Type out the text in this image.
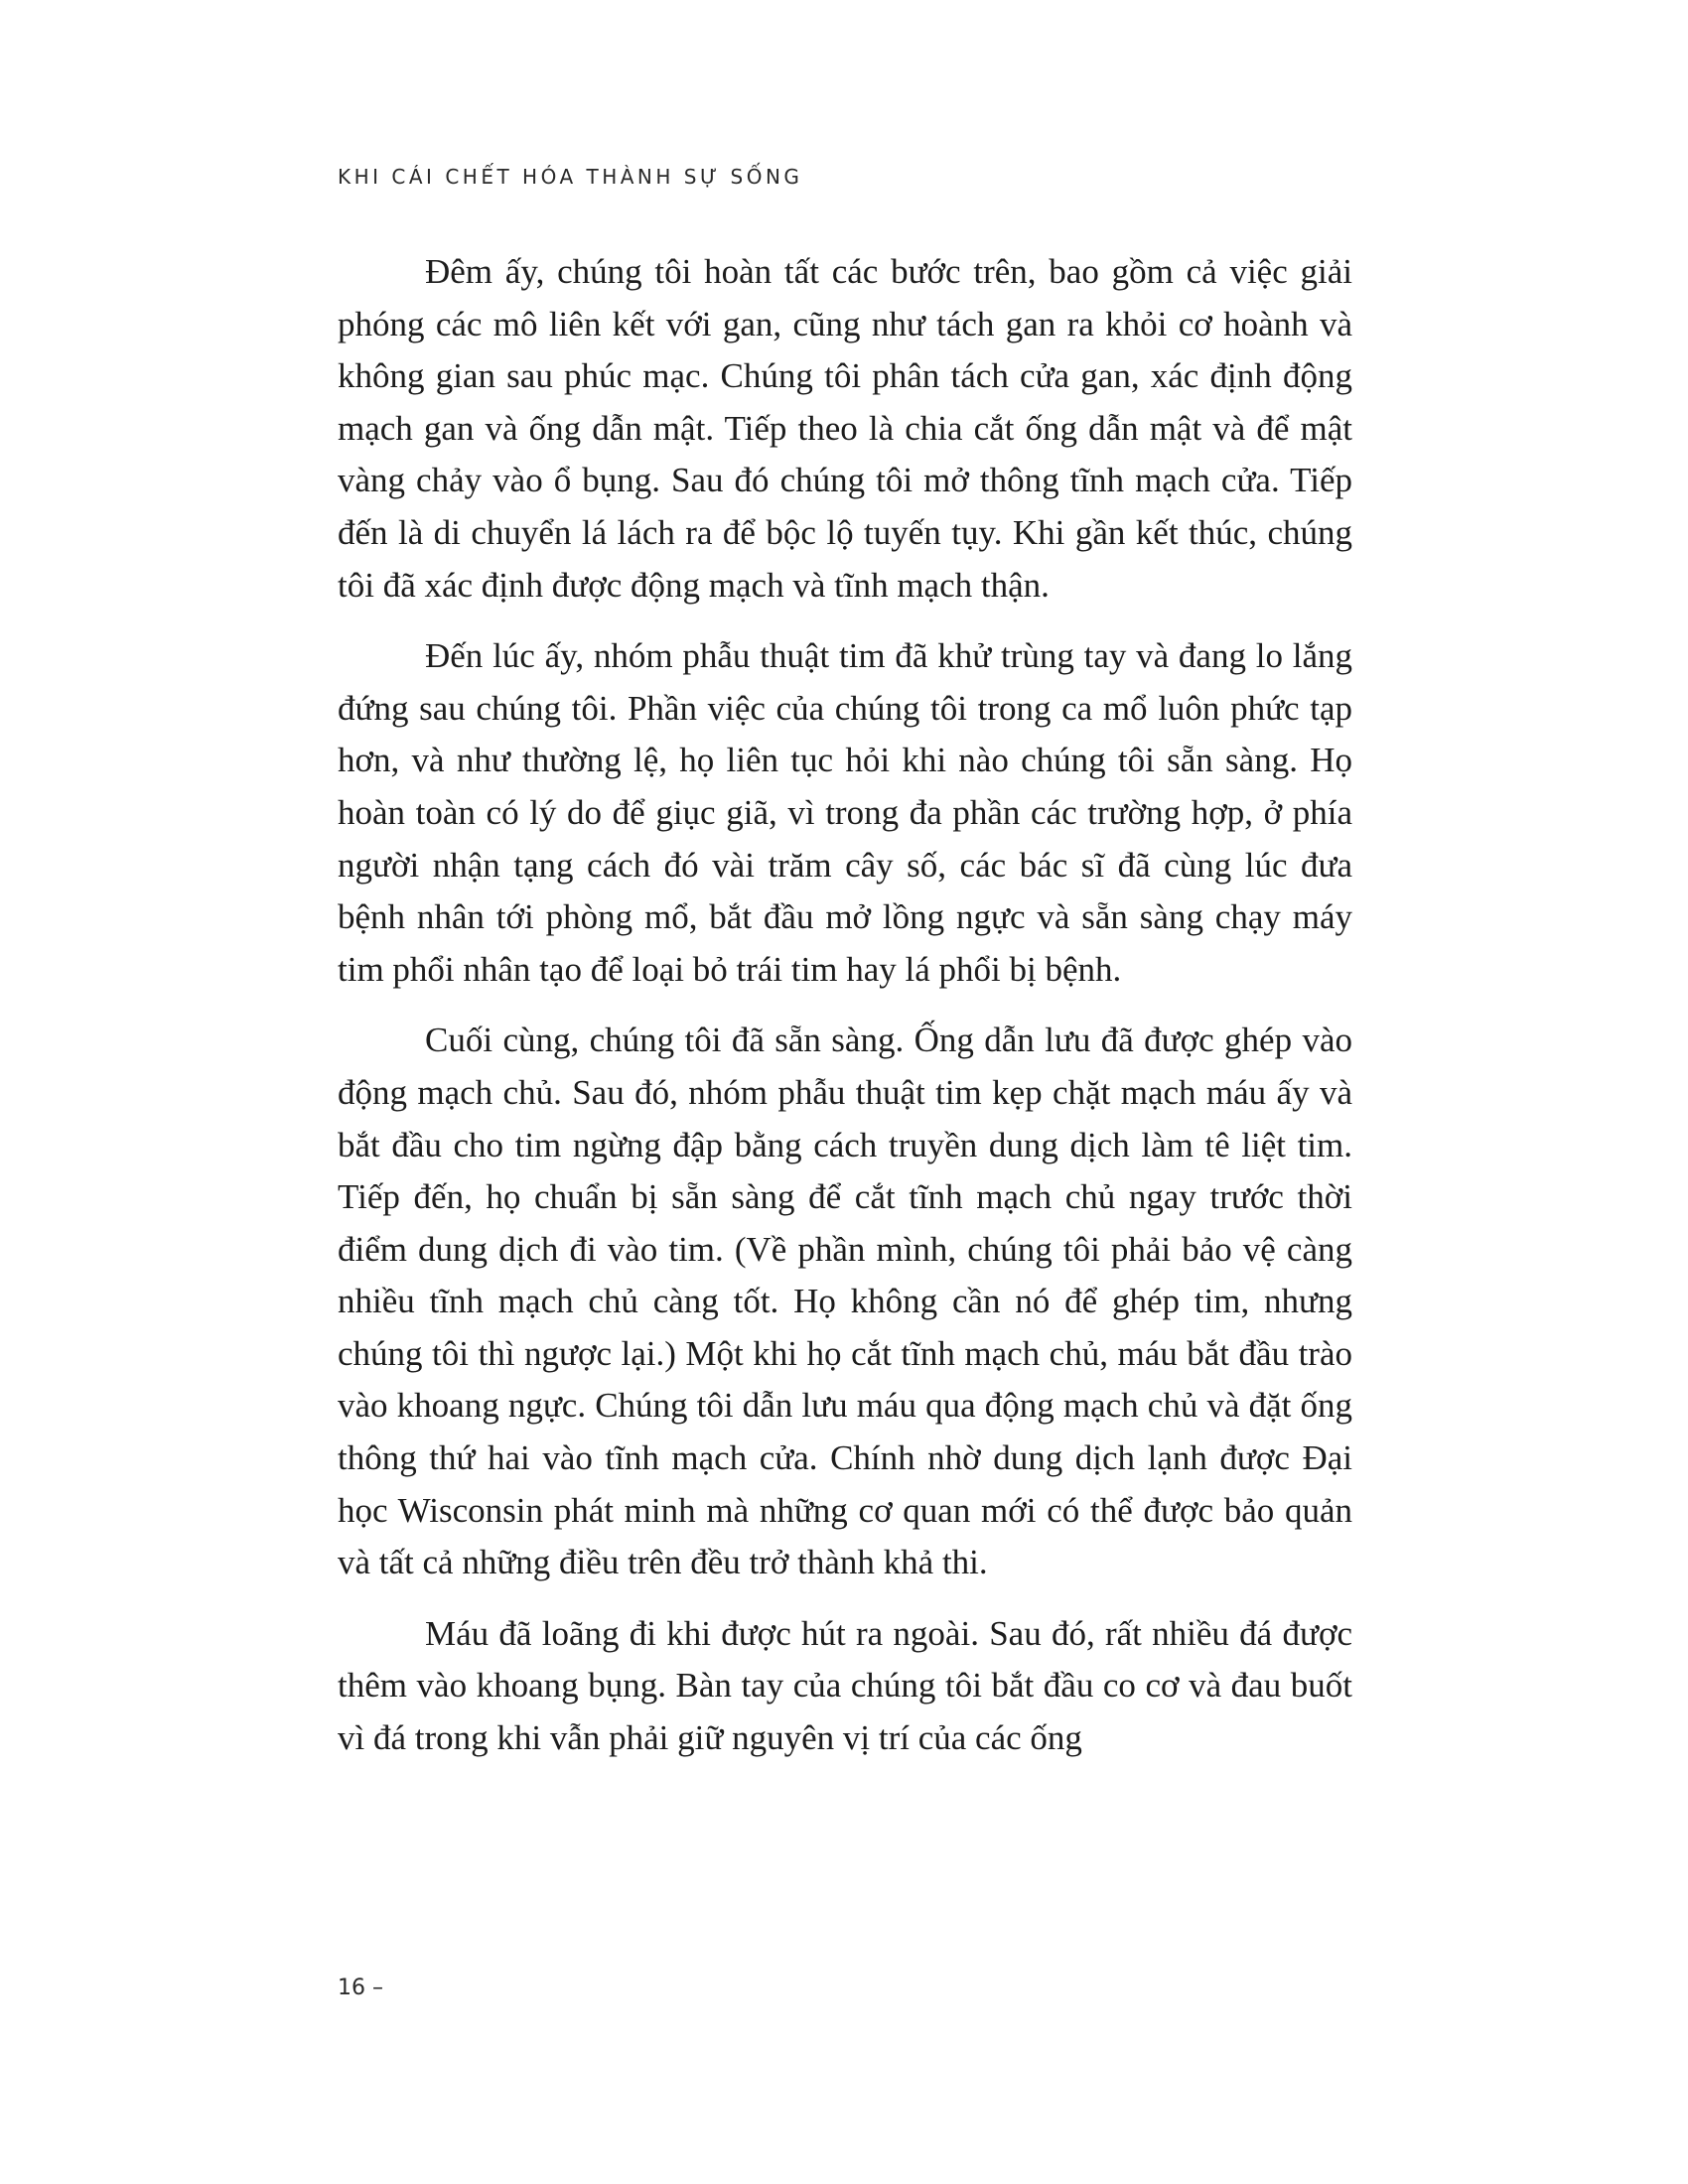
KHI CÁI CHẾT HÓA THÀNH SỰ SỐNG

Đêm ấy, chúng tôi hoàn tất các bước trên, bao gồm cả việc giải phóng các mô liên kết với gan, cũng như tách gan ra khỏi cơ hoành và không gian sau phúc mạc. Chúng tôi phân tách cửa gan, xác định động mạch gan và ống dẫn mật. Tiếp theo là chia cắt ống dẫn mật và để mật vàng chảy vào ổ bụng. Sau đó chúng tôi mở thông tĩnh mạch cửa. Tiếp đến là di chuyển lá lách ra để bộc lộ tuyến tụy. Khi gần kết thúc, chúng tôi đã xác định được động mạch và tĩnh mạch thận.

Đến lúc ấy, nhóm phẫu thuật tim đã khử trùng tay và đang lo lắng đứng sau chúng tôi. Phần việc của chúng tôi trong ca mổ luôn phức tạp hơn, và như thường lệ, họ liên tục hỏi khi nào chúng tôi sẵn sàng. Họ hoàn toàn có lý do để giục giã, vì trong đa phần các trường hợp, ở phía người nhận tạng cách đó vài trăm cây số, các bác sĩ đã cùng lúc đưa bệnh nhân tới phòng mổ, bắt đầu mở lồng ngực và sẵn sàng chạy máy tim phổi nhân tạo để loại bỏ trái tim hay lá phổi bị bệnh.

Cuối cùng, chúng tôi đã sẵn sàng. Ống dẫn lưu đã được ghép vào động mạch chủ. Sau đó, nhóm phẫu thuật tim kẹp chặt mạch máu ấy và bắt đầu cho tim ngừng đập bằng cách truyền dung dịch làm tê liệt tim. Tiếp đến, họ chuẩn bị sẵn sàng để cắt tĩnh mạch chủ ngay trước thời điểm dung dịch đi vào tim. (Về phần mình, chúng tôi phải bảo vệ càng nhiều tĩnh mạch chủ càng tốt. Họ không cần nó để ghép tim, nhưng chúng tôi thì ngược lại.) Một khi họ cắt tĩnh mạch chủ, máu bắt đầu trào vào khoang ngực. Chúng tôi dẫn lưu máu qua động mạch chủ và đặt ống thông thứ hai vào tĩnh mạch cửa. Chính nhờ dung dịch lạnh được Đại học Wisconsin phát minh mà những cơ quan mới có thể được bảo quản và tất cả những điều trên đều trở thành khả thi.

Máu đã loãng đi khi được hút ra ngoài. Sau đó, rất nhiều đá được thêm vào khoang bụng. Bàn tay của chúng tôi bắt đầu co cơ và đau buốt vì đá trong khi vẫn phải giữ nguyên vị trí của các ống

16 –
